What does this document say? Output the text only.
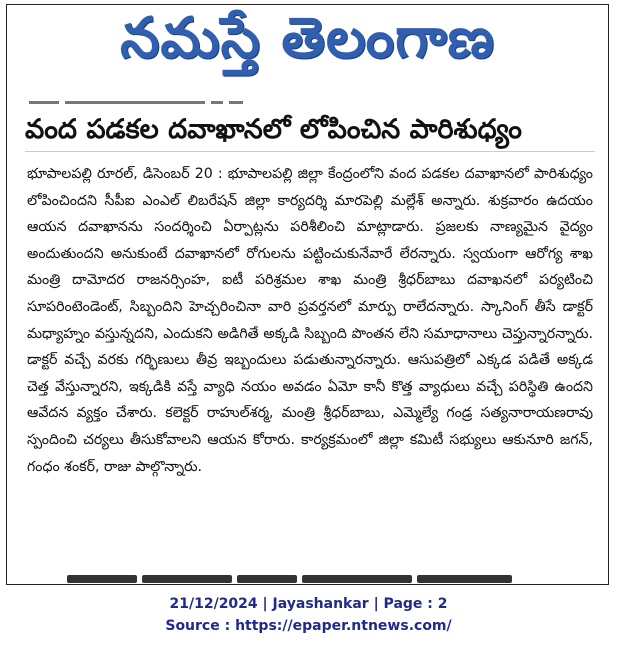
నమస్తే తెలంగాణ
వంద పడకల దవాఖానలో లోపించిన పారిశుధ్యం
భూపాలపల్లి రూరల్, డిసెంబర్ 20 : భూపాలపల్లి జిల్లా కేంద్రంలోని వంద పడకల దవాఖానలో పారిశుధ్యం లోపించిందని సీపీఐ ఎంఎల్ లిబరేషన్ జిల్లా కార్యదర్శి మారపెల్లి మల్లేశ్ అన్నారు. శుక్రవారం ఉదయం ఆయన దవాఖానను సందర్శించి ఏర్పాట్లను పరిశీలించి మాట్లాడారు. ప్రజలకు నాణ్యమైన వైద్యం అందుతుందని అనుకుంటే దవాఖానలో రోగులను పట్టించుకునేవారే లేరన్నారు. స్వయంగా ఆరోగ్య శాఖ మంత్రి దామోదర రాజనర్సింహ, ఐటీ పరిశ్రమల శాఖ మంత్రి శ్రీధర్‌బాబు దవాఖనలో పర్యటించి సూపరింటెండెంట్, సిబ్బందిని హెచ్చరించినా వారి ప్రవర్తనలో మార్పు రాలేదన్నారు. స్కానింగ్ తీసే డాక్టర్ మధ్యాహ్నం వస్తున్నదని, ఎందుకని అడిగితే అక్కడి సిబ్బంది పొంతన లేని సమాధానాలు చెప్తున్నారన్నారు. డాక్టర్ వచ్చే వరకు గర్భిణులు తీవ్ర ఇబ్బందులు పడుతున్నారన్నారు. ఆసుపత్రిలో ఎక్కడ పడితే అక్కడ చెత్త వేస్తున్నారని, ఇక్కడికి వస్తే వ్యాధి నయం అవడం ఏమో కానీ కొత్త వ్యాధులు వచ్చే పరిస్థితి ఉందని ఆవేదన వ్యక్తం చేశారు. కలెక్టర్ రాహుల్‌శర్మ, మంత్రి శ్రీధర్‌బాబు, ఎమ్మెల్యే గండ్ర సత్యనారాయణరావు స్పందించి చర్యలు తీసుకోవాలని ఆయన కోరారు. కార్యక్రమంలో జిల్లా కమిటీ సభ్యులు ఆకునూరి జగన్, గంధం శంకర్, రాజు పాల్గొన్నారు.
21/12/2024 | Jayashankar | Page : 2
Source : https://epaper.ntnews.com/
